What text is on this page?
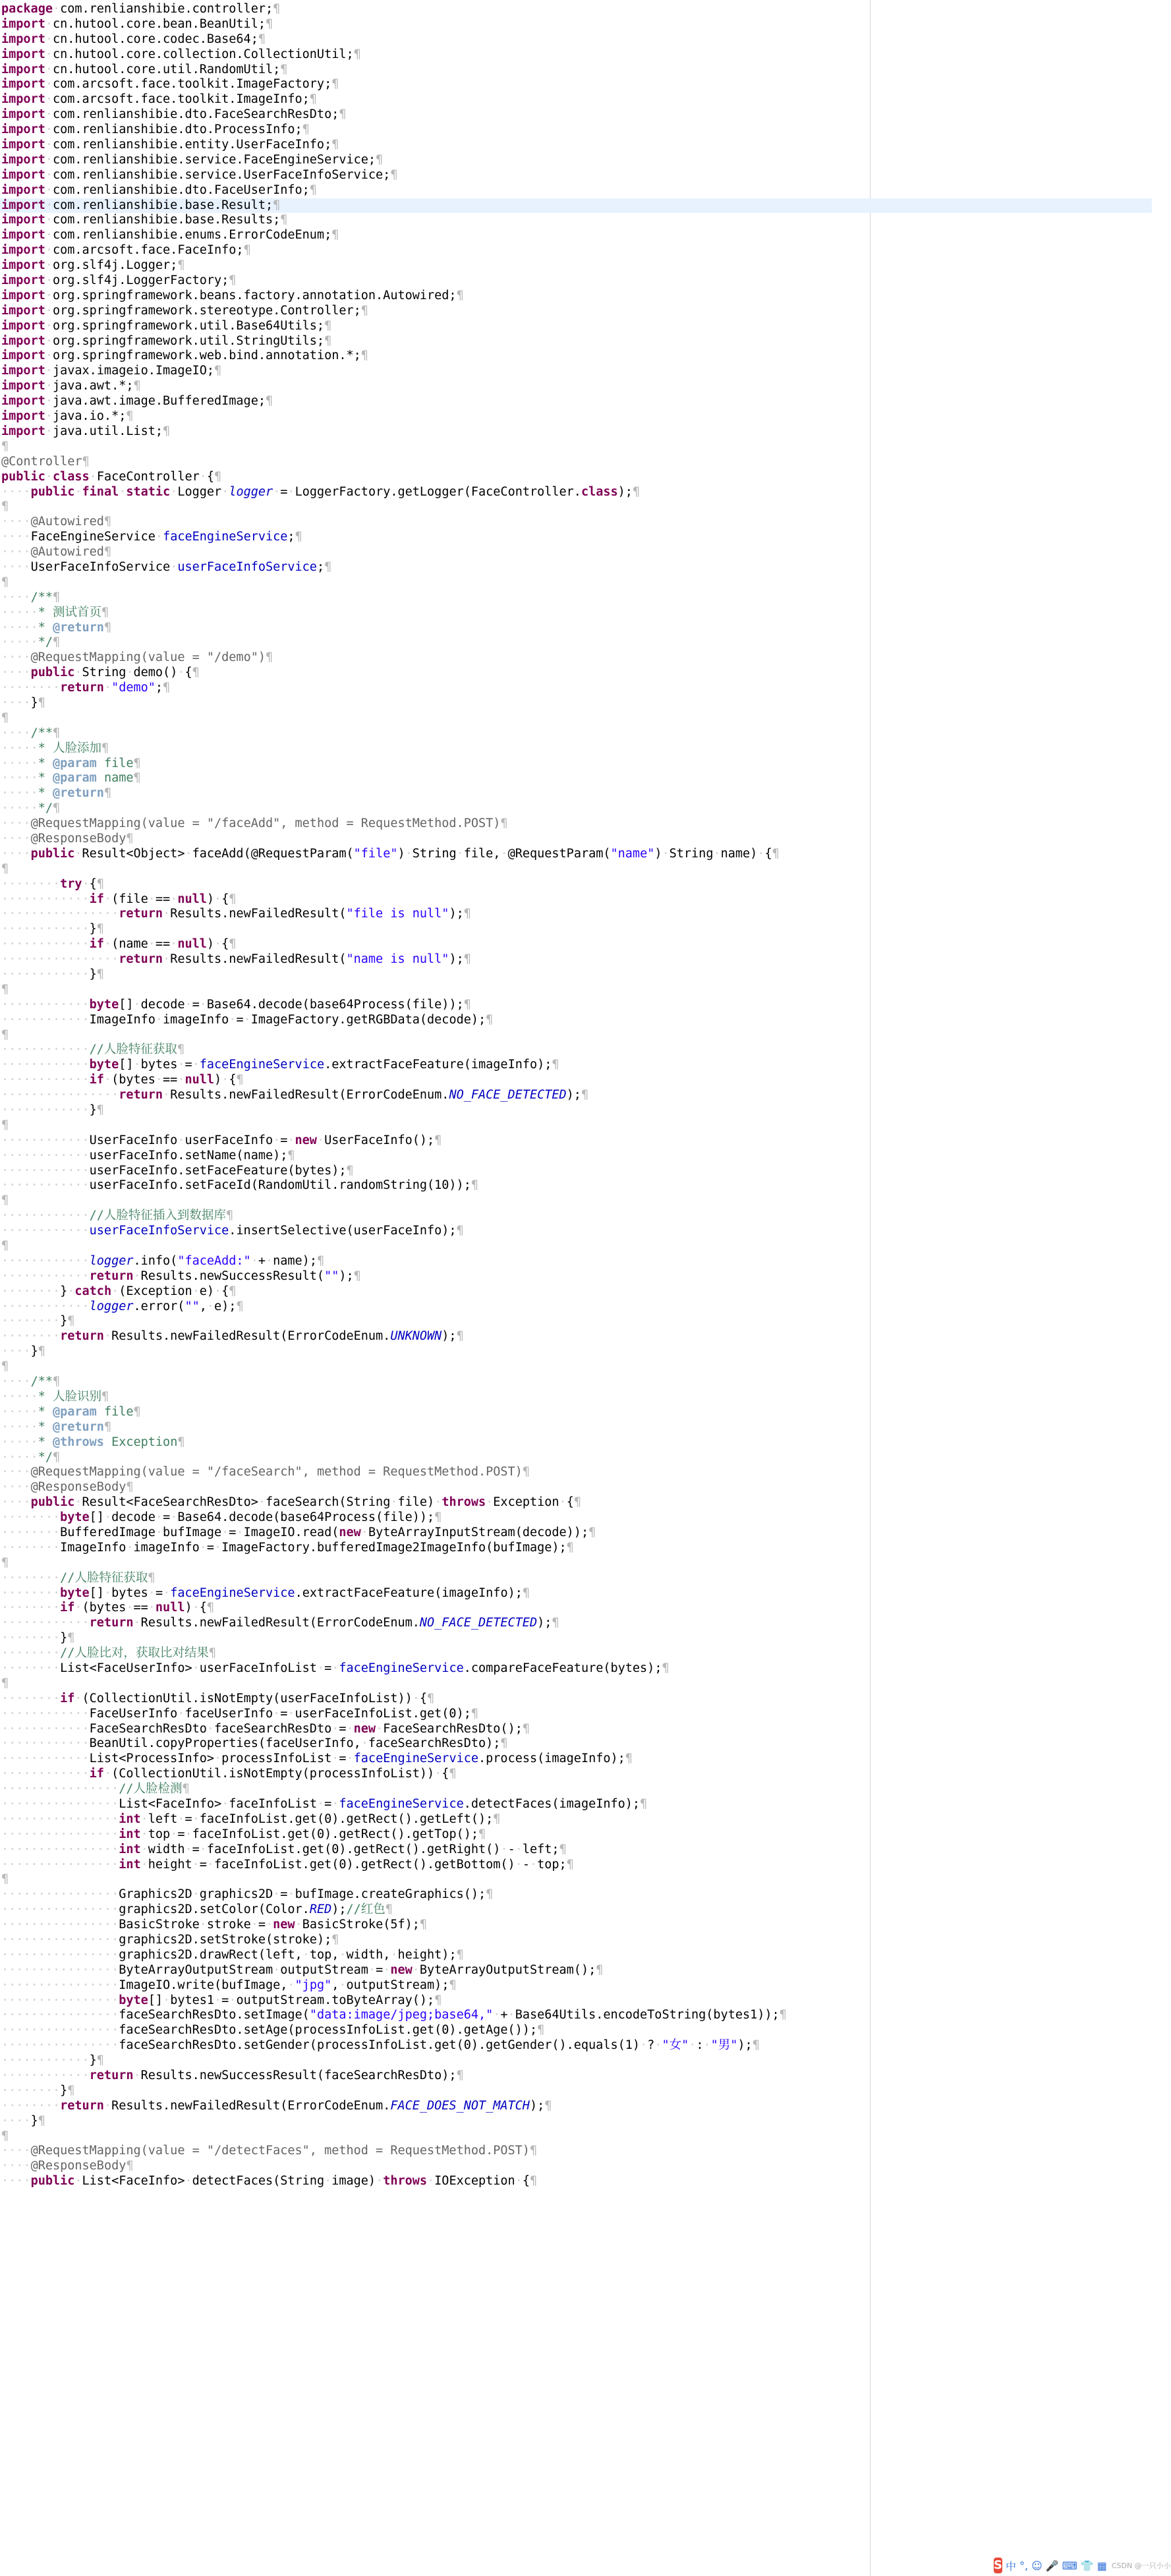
package·com.renlianshibie.controller;¶
import·cn.hutool.core.bean.BeanUtil;¶
import·cn.hutool.core.codec.Base64;¶
import·cn.hutool.core.collection.CollectionUtil;¶
import·cn.hutool.core.util.RandomUtil;¶
import·com.arcsoft.face.toolkit.ImageFactory;¶
import·com.arcsoft.face.toolkit.ImageInfo;¶
import·com.renlianshibie.dto.FaceSearchResDto;¶
import·com.renlianshibie.dto.ProcessInfo;¶
import·com.renlianshibie.entity.UserFaceInfo;¶
import·com.renlianshibie.service.FaceEngineService;¶
import·com.renlianshibie.service.UserFaceInfoService;¶
import·com.renlianshibie.dto.FaceUserInfo;¶
import·com.renlianshibie.base.Result;¶
import·com.renlianshibie.base.Results;¶
import·com.renlianshibie.enums.ErrorCodeEnum;¶
import·com.arcsoft.face.FaceInfo;¶
import·org.slf4j.Logger;¶
import·org.slf4j.LoggerFactory;¶
import·org.springframework.beans.factory.annotation.Autowired;¶
import·org.springframework.stereotype.Controller;¶
import·org.springframework.util.Base64Utils;¶
import·org.springframework.util.StringUtils;¶
import·org.springframework.web.bind.annotation.*;¶
import·javax.imageio.ImageIO;¶
import·java.awt.*;¶
import·java.awt.image.BufferedImage;¶
import·java.io.*;¶
import·java.util.List;¶
¶
@Controller¶
public·class·FaceController·{¶
····public·final·static·Logger·logger·=·LoggerFactory.getLogger(FaceController.class);¶
¶
····@Autowired¶
····FaceEngineService·faceEngineService;¶
····@Autowired¶
····UserFaceInfoService·userFaceInfoService;¶
¶
····/**¶
·····* 测试首页¶
·····* @return¶
·····*/¶
····@RequestMapping(value = "/demo")¶
····public·String·demo()·{¶
········return·"demo";¶
····}¶
¶
····/**¶
·····* 人脸添加¶
·····* @param file¶
·····* @param name¶
·····* @return¶
·····*/¶
····@RequestMapping(value = "/faceAdd", method = RequestMethod.POST)¶
····@ResponseBody¶
····public·Result<Object>·faceAdd(@RequestParam("file")·String·file,·@RequestParam("name")·String·name)·{¶
¶
········try·{¶
············if·(file·==·null)·{¶
················return·Results.newFailedResult("file is null");¶
············}¶
············if·(name·==·null)·{¶
················return·Results.newFailedResult("name is null");¶
············}¶
¶
············byte[]·decode·=·Base64.decode(base64Process(file));¶
············ImageInfo·imageInfo·=·ImageFactory.getRGBData(decode);¶
¶
············//人脸特征获取¶
············byte[]·bytes·=·faceEngineService.extractFaceFeature(imageInfo);¶
············if·(bytes·==·null)·{¶
················return·Results.newFailedResult(ErrorCodeEnum.NO_FACE_DETECTED);¶
············}¶
¶
············UserFaceInfo·userFaceInfo·=·new·UserFaceInfo();¶
············userFaceInfo.setName(name);¶
············userFaceInfo.setFaceFeature(bytes);¶
············userFaceInfo.setFaceId(RandomUtil.randomString(10));¶
¶
············//人脸特征插入到数据库¶
············userFaceInfoService.insertSelective(userFaceInfo);¶
¶
············logger.info("faceAdd:"·+·name);¶
············return·Results.newSuccessResult("");¶
········}·catch·(Exception·e)·{¶
············logger.error("",·e);¶
········}¶
········return·Results.newFailedResult(ErrorCodeEnum.UNKNOWN);¶
····}¶
¶
····/**¶
·····* 人脸识别¶
·····* @param file¶
·····* @return¶
·····* @throws Exception¶
·····*/¶
····@RequestMapping(value = "/faceSearch", method = RequestMethod.POST)¶
····@ResponseBody¶
····public·Result<FaceSearchResDto>·faceSearch(String·file)·throws·Exception·{¶
········byte[]·decode·=·Base64.decode(base64Process(file));¶
········BufferedImage·bufImage·=·ImageIO.read(new·ByteArrayInputStream(decode));¶
········ImageInfo·imageInfo·=·ImageFactory.bufferedImage2ImageInfo(bufImage);¶
¶
········//人脸特征获取¶
········byte[]·bytes·=·faceEngineService.extractFaceFeature(imageInfo);¶
········if·(bytes·==·null)·{¶
············return·Results.newFailedResult(ErrorCodeEnum.NO_FACE_DETECTED);¶
········}¶
········//人脸比对，获取比对结果¶
········List<FaceUserInfo>·userFaceInfoList·=·faceEngineService.compareFaceFeature(bytes);¶
¶
········if·(CollectionUtil.isNotEmpty(userFaceInfoList))·{¶
············FaceUserInfo·faceUserInfo·=·userFaceInfoList.get(0);¶
············FaceSearchResDto·faceSearchResDto·=·new·FaceSearchResDto();¶
············BeanUtil.copyProperties(faceUserInfo,·faceSearchResDto);¶
············List<ProcessInfo>·processInfoList·=·faceEngineService.process(imageInfo);¶
············if·(CollectionUtil.isNotEmpty(processInfoList))·{¶
················//人脸检测¶
················List<FaceInfo>·faceInfoList·=·faceEngineService.detectFaces(imageInfo);¶
················int·left·=·faceInfoList.get(0).getRect().getLeft();¶
················int·top·=·faceInfoList.get(0).getRect().getTop();¶
················int·width·=·faceInfoList.get(0).getRect().getRight()·-·left;¶
················int·height·=·faceInfoList.get(0).getRect().getBottom()·-·top;¶
¶
················Graphics2D·graphics2D·=·bufImage.createGraphics();¶
················graphics2D.setColor(Color.RED);//红色¶
················BasicStroke·stroke·=·new·BasicStroke(5f);¶
················graphics2D.setStroke(stroke);¶
················graphics2D.drawRect(left,·top,·width,·height);¶
················ByteArrayOutputStream·outputStream·=·new·ByteArrayOutputStream();¶
················ImageIO.write(bufImage,·"jpg",·outputStream);¶
················byte[]·bytes1·=·outputStream.toByteArray();¶
················faceSearchResDto.setImage("data:image/jpeg;base64,"·+·Base64Utils.encodeToString(bytes1));¶
················faceSearchResDto.setAge(processInfoList.get(0).getAge());¶
················faceSearchResDto.setGender(processInfoList.get(0).getGender().equals(1)·?·"女"·:·"男");¶
············}¶
············return·Results.newSuccessResult(faceSearchResDto);¶
········}¶
········return·Results.newFailedResult(ErrorCodeEnum.FACE_DOES_NOT_MATCH);¶
····}¶
¶
····@RequestMapping(value = "/detectFaces", method = RequestMethod.POST)¶
····@ResponseBody¶
····public·List<FaceInfo>·detectFaces(String·image)·throws·IOException·{¶
S 中 °, ☺ 🎤 ⌨ 👕 ▦ CSDN @一只小小
